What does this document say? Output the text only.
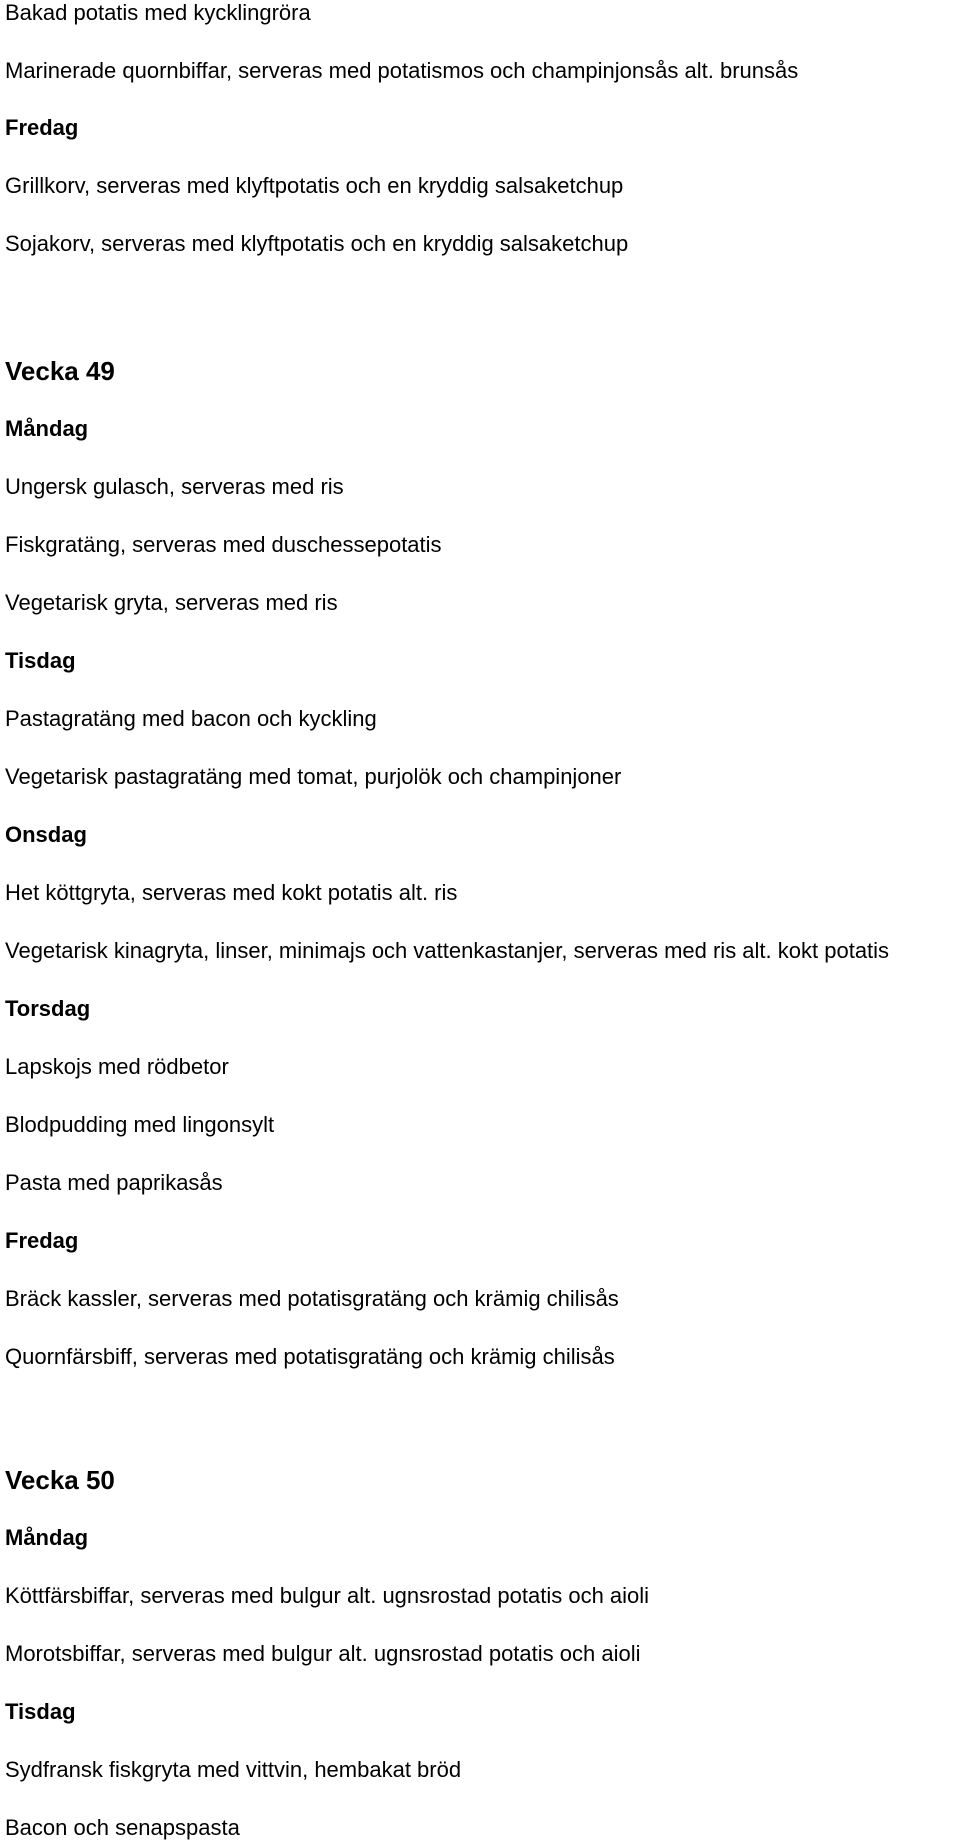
Bakad potatis med kycklingröra
Marinerade quornbiffar, serveras med potatismos och champinjonsås alt. brunsås
Fredag
Grillkorv, serveras med klyftpotatis och en kryddig salsaketchup
Sojakorv, serveras med klyftpotatis och en kryddig salsaketchup
Vecka 49
Måndag
Ungersk gulasch, serveras med ris
Fiskgratäng, serveras med duschessepotatis
Vegetarisk gryta, serveras med ris
Tisdag
Pastagratäng med bacon och kyckling
Vegetarisk pastagratäng med tomat, purjolök och champinjoner
Onsdag
Het köttgryta, serveras med kokt potatis alt. ris
Vegetarisk kinagryta, linser, minimajs och vattenkastanjer, serveras med ris alt. kokt potatis
Torsdag
Lapskojs med rödbetor
Blodpudding med lingonsylt
Pasta med paprikasås
Fredag
Bräck kassler, serveras med potatisgratäng och krämig chilisås
Quornfärsbiff, serveras med potatisgratäng och krämig chilisås
Vecka 50
Måndag
Köttfärsbiffar, serveras med bulgur alt. ugnsrostad potatis och aioli
Morotsbiffar, serveras med bulgur alt. ugnsrostad potatis och aioli
Tisdag
Sydfransk fiskgryta med vittvin, hembakat bröd
Bacon och senapspasta
